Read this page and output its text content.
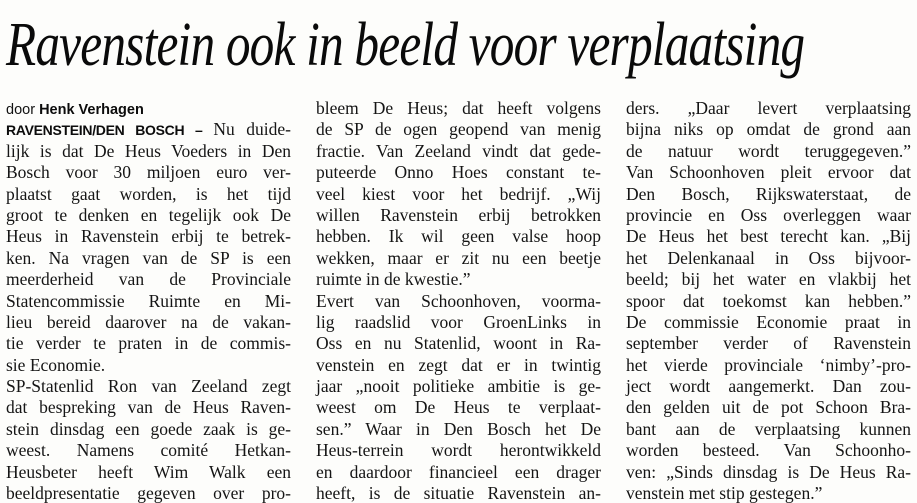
Ravenstein ook in beeld voor verplaatsing
door Henk Verhagen
RAVENSTEIN/DEN BOSCH – Nu duide-
lijk is dat De Heus Voeders in Den
Bosch voor 30 miljoen euro ver-
plaatst gaat worden, is het tijd
groot te denken en tegelijk ook De
Heus in Ravenstein erbij te betrek-
ken. Na vragen van de SP is een
meerderheid van de Provinciale
Statencommissie Ruimte en Mi-
lieu bereid daarover na de vakan-
tie verder te praten in de commis-
sie Economie.
SP-Statenlid Ron van Zeeland zegt
dat bespreking van de Heus Raven-
stein dinsdag een goede zaak is ge-
weest. Namens comité Hetkan-
Heusbeter heeft Wim Walk een
beeldpresentatie gegeven over pro-
bleem De Heus; dat heeft volgens
de SP de ogen geopend van menig
fractie. Van Zeeland vindt dat gede-
puteerde Onno Hoes constant te-
veel kiest voor het bedrijf. „Wij
willen Ravenstein erbij betrokken
hebben. Ik wil geen valse hoop
wekken, maar er zit nu een beetje
ruimte in de kwestie.”
Evert van Schoonhoven, voorma-
lig raadslid voor GroenLinks in
Oss en nu Statenlid, woont in Ra-
venstein en zegt dat er in twintig
jaar „nooit politieke ambitie is ge-
weest om De Heus te verplaat-
sen.” Waar in Den Bosch het De
Heus-terrein wordt herontwikkeld
en daardoor financieel een drager
heeft, is de situatie Ravenstein an-
ders. „Daar levert verplaatsing
bijna niks op omdat de grond aan
de natuur wordt teruggegeven.”
Van Schoonhoven pleit ervoor dat
Den Bosch, Rijkswaterstaat, de
provincie en Oss overleggen waar
De Heus het best terecht kan. „Bij
het Delenkanaal in Oss bijvoor-
beeld; bij het water en vlakbij het
spoor dat toekomst kan hebben.”
De commissie Economie praat in
september verder of Ravenstein
het vierde provinciale ‘nimby’-pro-
ject wordt aangemerkt. Dan zou-
den gelden uit de pot Schoon Bra-
bant aan de verplaatsing kunnen
worden besteed. Van Schoonho-
ven: „Sinds dinsdag is De Heus Ra-
venstein met stip gestegen.”
